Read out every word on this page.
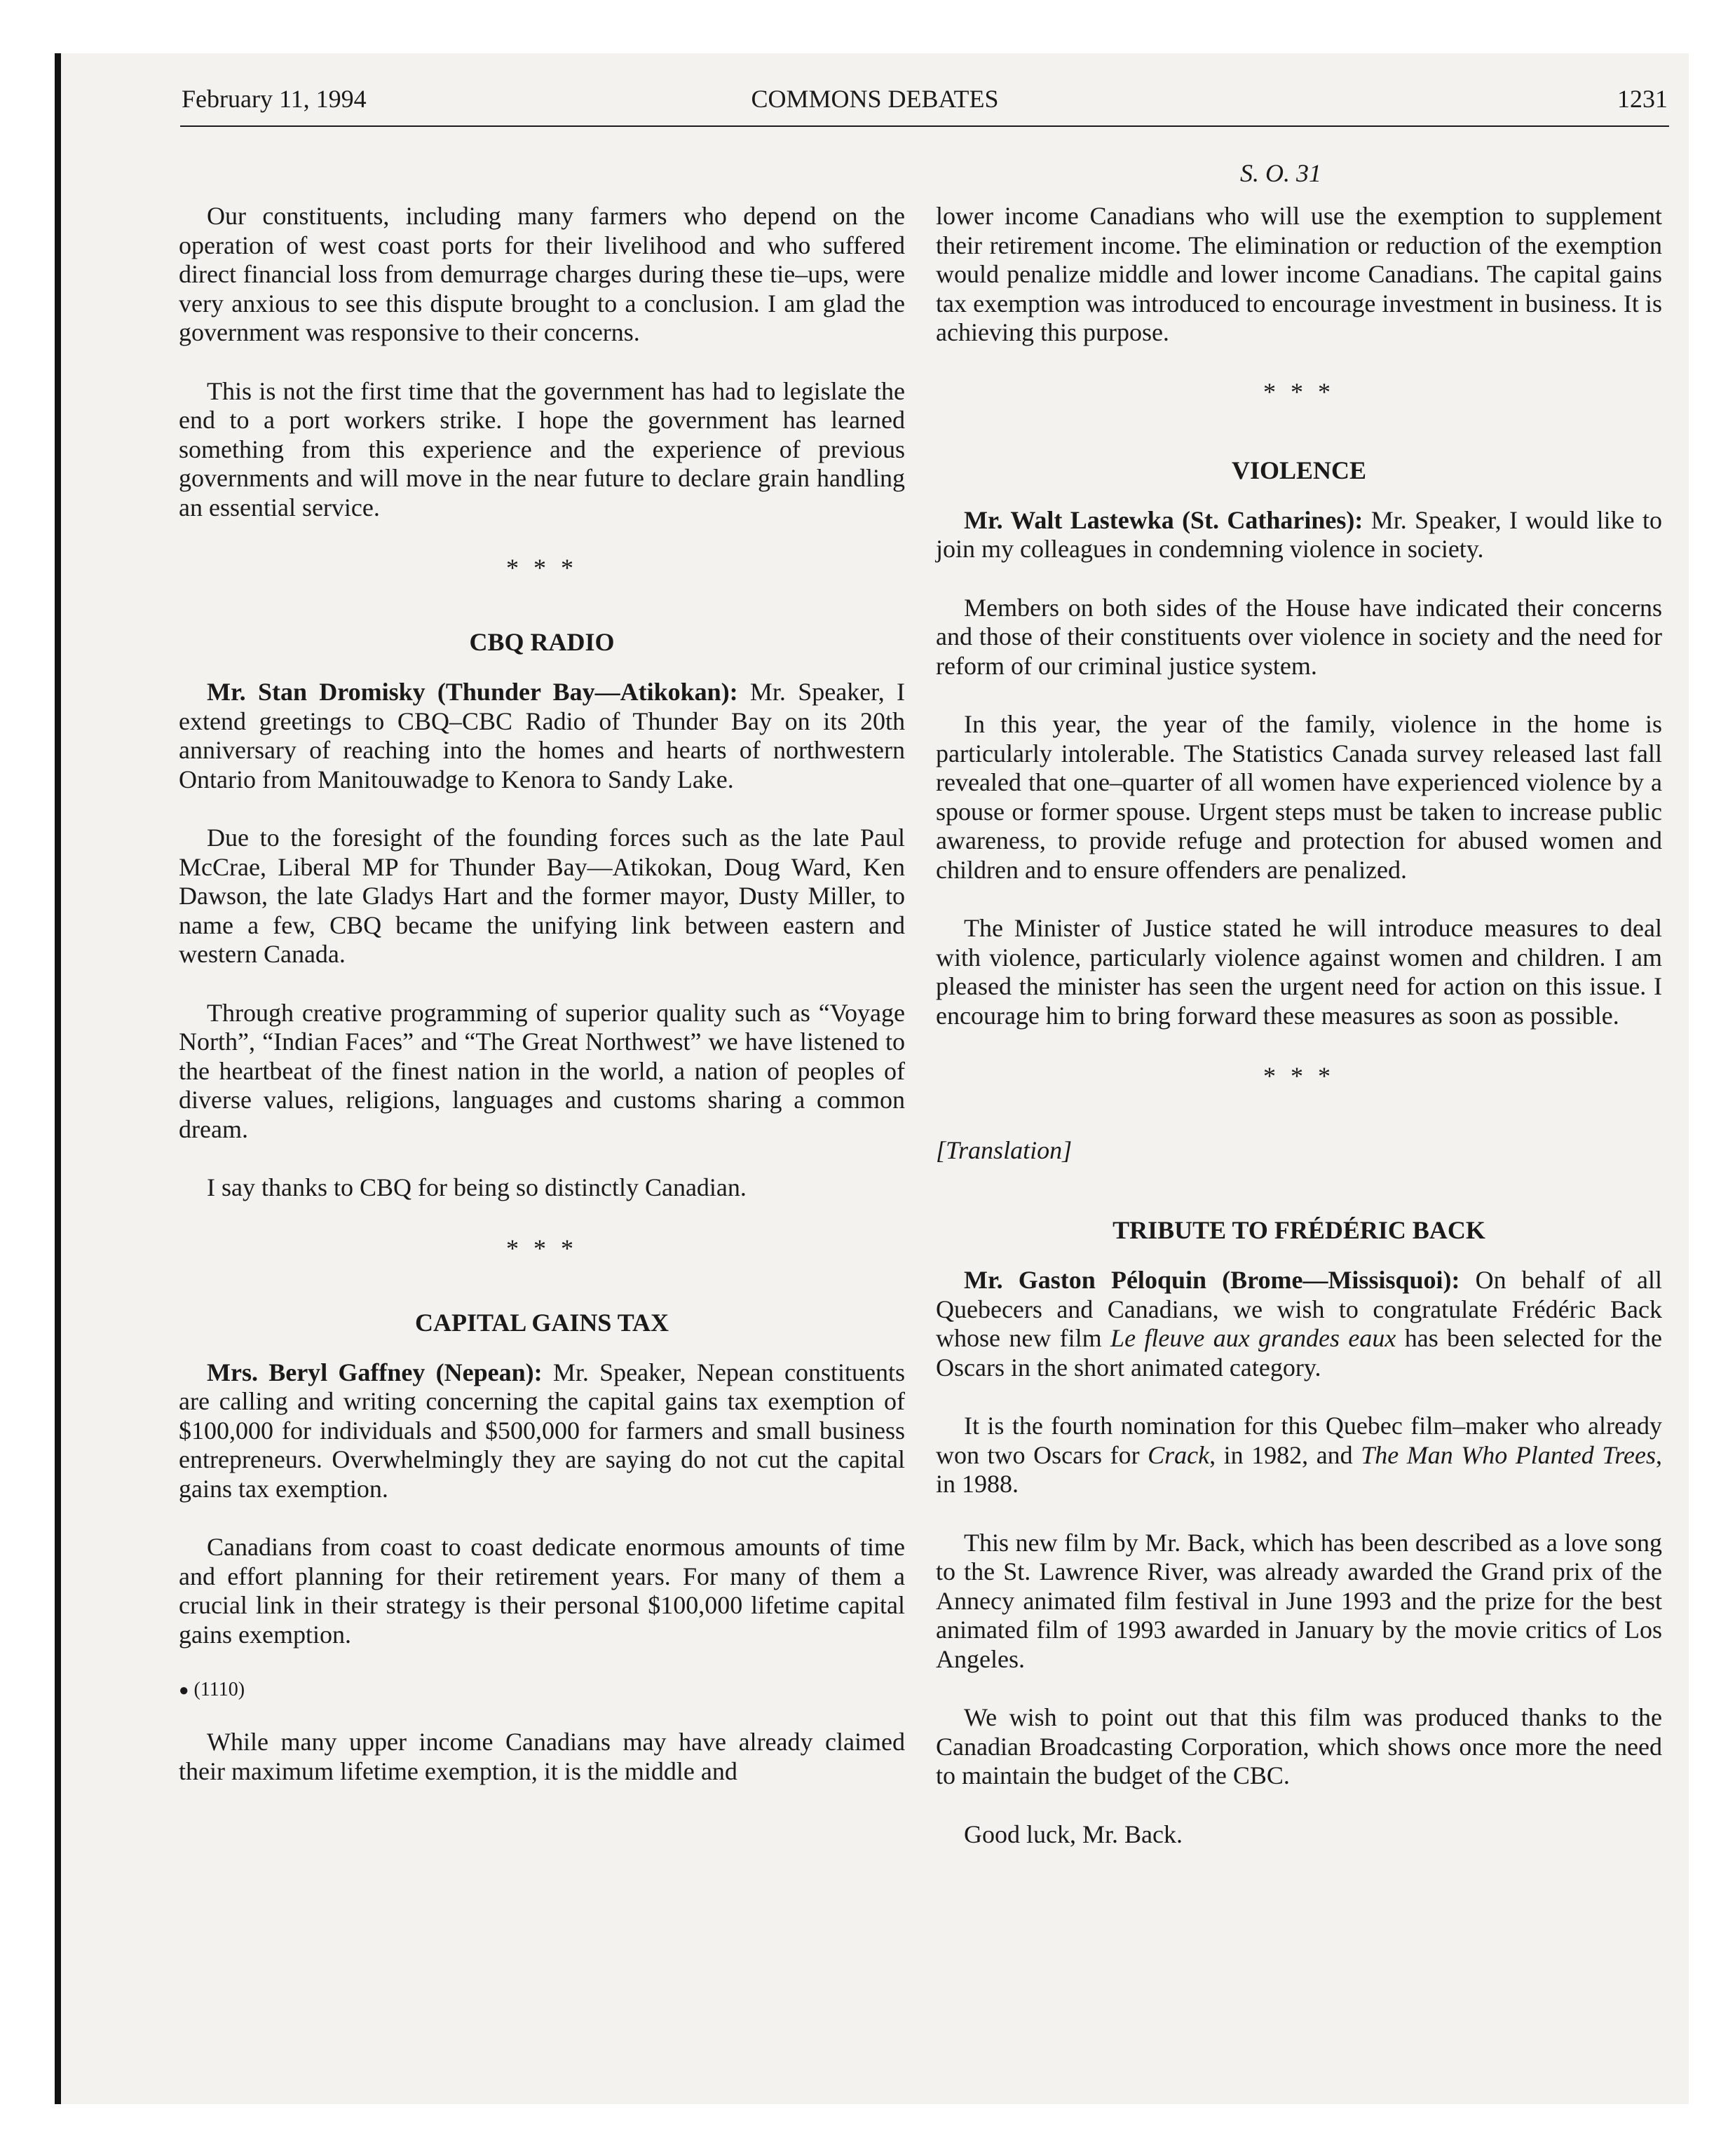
COMMONS DEBATES
February 11, 1994	1231
S. O. 31

Our constituents, including many farmers who depend on the operation of west coast ports for their livelihood and who suffered direct financial loss from demurrage charges during these tie–ups, were very anxious to see this dispute brought to a conclusion. I am glad the government was responsive to their concerns.

This is not the first time that the government has had to legislate the end to a port workers strike. I hope the government has learned something from this experience and the experience of previous governments and will move in the near future to declare grain handling an essential service.

* * *
CBQ RADIO

Mr. Stan Dromisky (Thunder Bay—Atikokan): Mr. Speaker, I extend greetings to CBQ–CBC Radio of Thunder Bay on its 20th anniversary of reaching into the homes and hearts of northwestern Ontario from Manitouwadge to Kenora to Sandy Lake.

Due to the foresight of the founding forces such as the late Paul McCrae, Liberal MP for Thunder Bay—Atikokan, Doug Ward, Ken Dawson, the late Gladys Hart and the former mayor, Dusty Miller, to name a few, CBQ became the unifying link between eastern and western Canada.

Through creative programming of superior quality such as “Voyage North”, “Indian Faces” and “The Great Northwest” we have listened to the heartbeat of the finest nation in the world, a nation of peoples of diverse values, religions, languages and customs sharing a common dream.

I say thanks to CBQ for being so distinctly Canadian.

* * *
CAPITAL GAINS TAX

Mrs. Beryl Gaffney (Nepean): Mr. Speaker, Nepean constituents are calling and writing concerning the capital gains tax exemption of $100,000 for individuals and $500,000 for farmers and small business entrepreneurs. Overwhelmingly they are saying do not cut the capital gains tax exemption.

Canadians from coast to coast dedicate enormous amounts of time and effort planning for their retirement years. For many of them a crucial link in their strategy is their personal $100,000 lifetime capital gains exemption.

● (1110)

While many upper income Canadians may have already claimed their maximum lifetime exemption, it is the middle and

lower income Canadians who will use the exemption to supplement their retirement income. The elimination or reduction of the exemption would penalize middle and lower income Canadians. The capital gains tax exemption was introduced to encourage investment in business. It is achieving this purpose.

* * *
VIOLENCE

Mr. Walt Lastewka (St. Catharines): Mr. Speaker, I would like to join my colleagues in condemning violence in society.

Members on both sides of the House have indicated their concerns and those of their constituents over violence in society and the need for reform of our criminal justice system.

In this year, the year of the family, violence in the home is particularly intolerable. The Statistics Canada survey released last fall revealed that one–quarter of all women have experienced violence by a spouse or former spouse. Urgent steps must be taken to increase public awareness, to provide refuge and protection for abused women and children and to ensure offenders are penalized.

The Minister of Justice stated he will introduce measures to deal with violence, particularly violence against women and children. I am pleased the minister has seen the urgent need for action on this issue. I encourage him to bring forward these measures as soon as possible.

* * *
[Translation]
TRIBUTE TO FRÉDÉRIC BACK

Mr. Gaston Péloquin (Brome—Missisquoi): On behalf of all Quebecers and Canadians, we wish to congratulate Frédéric Back whose new film Le fleuve aux grandes eaux has been selected for the Oscars in the short animated category.

It is the fourth nomination for this Quebec film–maker who already won two Oscars for Crack, in 1982, and The Man Who Planted Trees, in 1988.

This new film by Mr. Back, which has been described as a love song to the St. Lawrence River, was already awarded the Grand prix of the Annecy animated film festival in June 1993 and the prize for the best animated film of 1993 awarded in January by the movie critics of Los Angeles.

We wish to point out that this film was produced thanks to the Canadian Broadcasting Corporation, which shows once more the need to maintain the budget of the CBC.

Good luck, Mr. Back.
